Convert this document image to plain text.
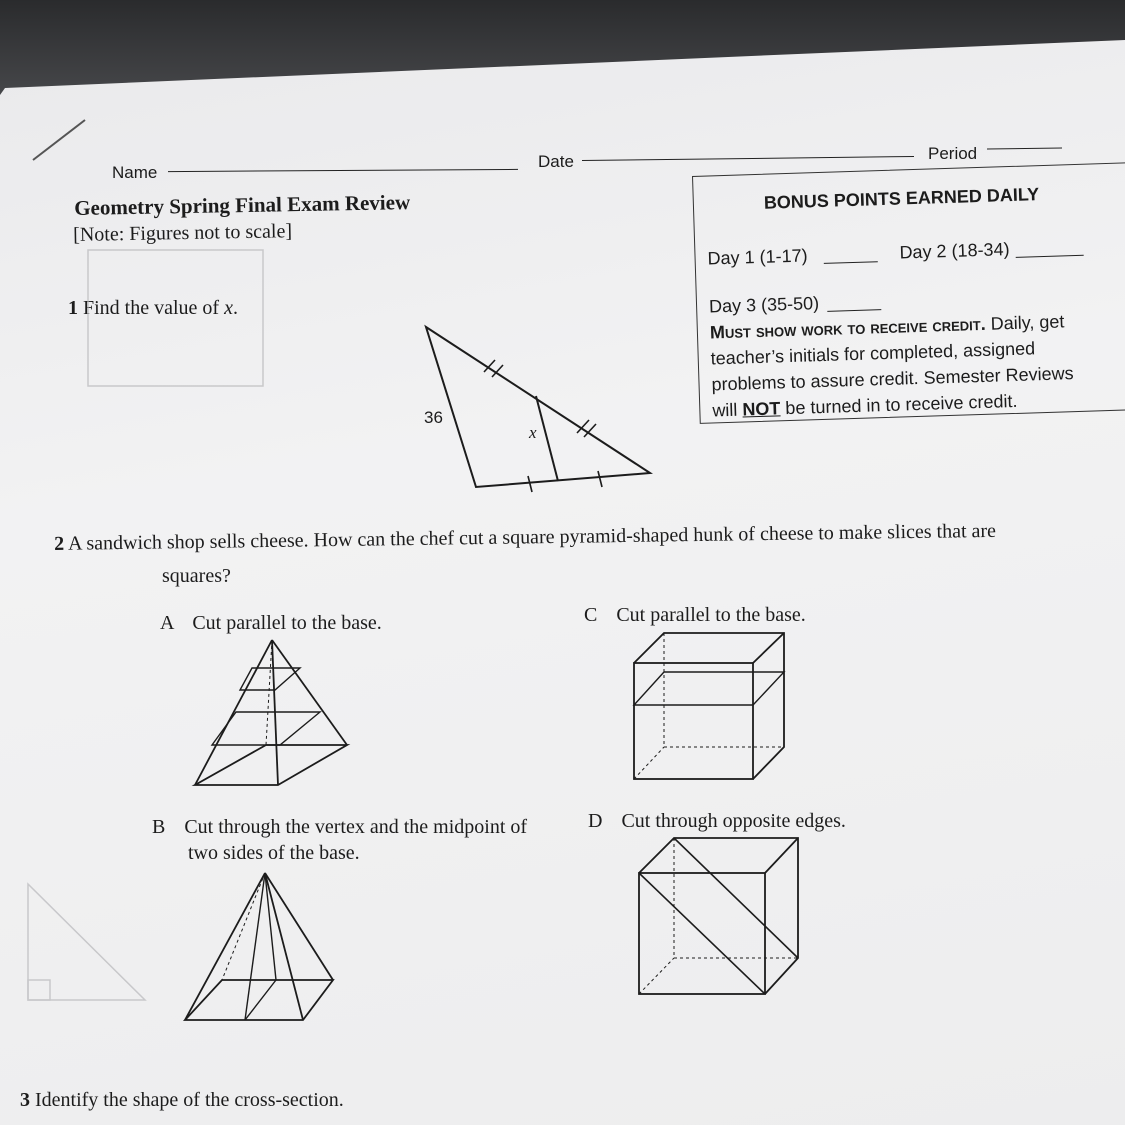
Name
Date	Period
Geometry Spring Final Exam Review
[Note: Figures not to scale]
BONUS POINTS EARNED DAILY
Day 1 (1-17)	Day 2 (18-34)
Day 3 (35-50)
Must show work to receive credit. Daily, get
teacher’s initials for completed, assigned
problems to assure credit. Semester Reviews
will NOT be turned in to receive credit.
1 Find the value of x.
36
x
2 A sandwich shop sells cheese. How can the chef cut a square pyramid-shaped hunk of cheese to make slices that are
squares?
A Cut parallel to the base.	C Cut parallel to the base.
B Cut through the vertex and the midpoint of
two sides of the base.
D Cut through opposite edges.
3 Identify the shape of the cross-section.
